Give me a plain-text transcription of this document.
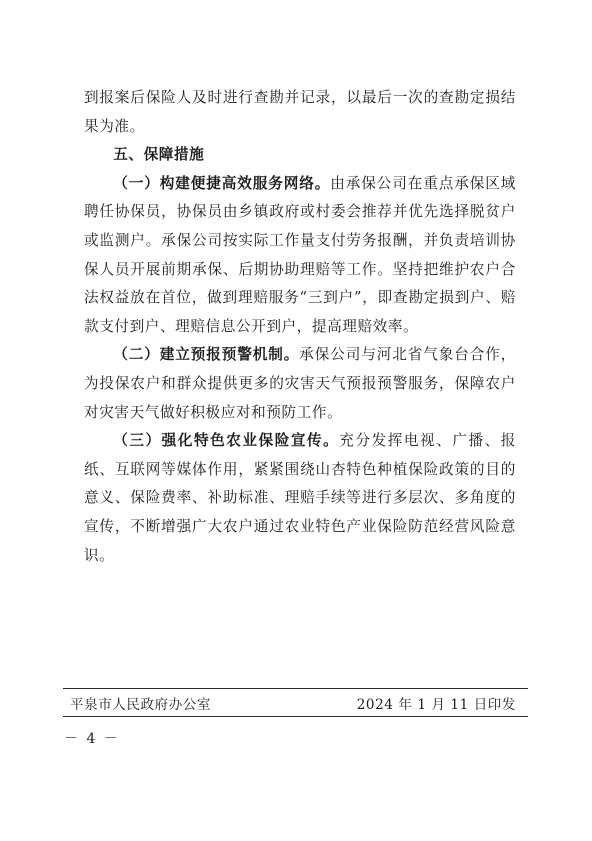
到报案后保险人及时进行查勘并记录，以最后一次的查勘定损结果为准。

五、保障措施

（一）构建便捷高效服务网络。由承保公司在重点承保区域聘任协保员，协保员由乡镇政府或村委会推荐并优先选择脱贫户或监测户。承保公司按实际工作量支付劳务报酬，并负责培训协保人员开展前期承保、后期协助理赔等工作。坚持把维护农户合法权益放在首位，做到理赔服务“三到户”，即查勘定损到户、赔款支付到户、理赔信息公开到户，提高理赔效率。

（二）建立预报预警机制。承保公司与河北省气象台合作，为投保农户和群众提供更多的灾害天气预报预警服务，保障农户对灾害天气做好积极应对和预防工作。

（三）强化特色农业保险宣传。充分发挥电视、广播、报纸、互联网等媒体作用，紧紧围绕山杏特色种植保险政策的目的意义、保险费率、补助标准、理赔手续等进行多层次、多角度的宣传，不断增强广大农户通过农业特色产业保险防范经营风险意识。

平泉市人民政府办公室	2024 年 1 月 11 日印发
－ 4 －
